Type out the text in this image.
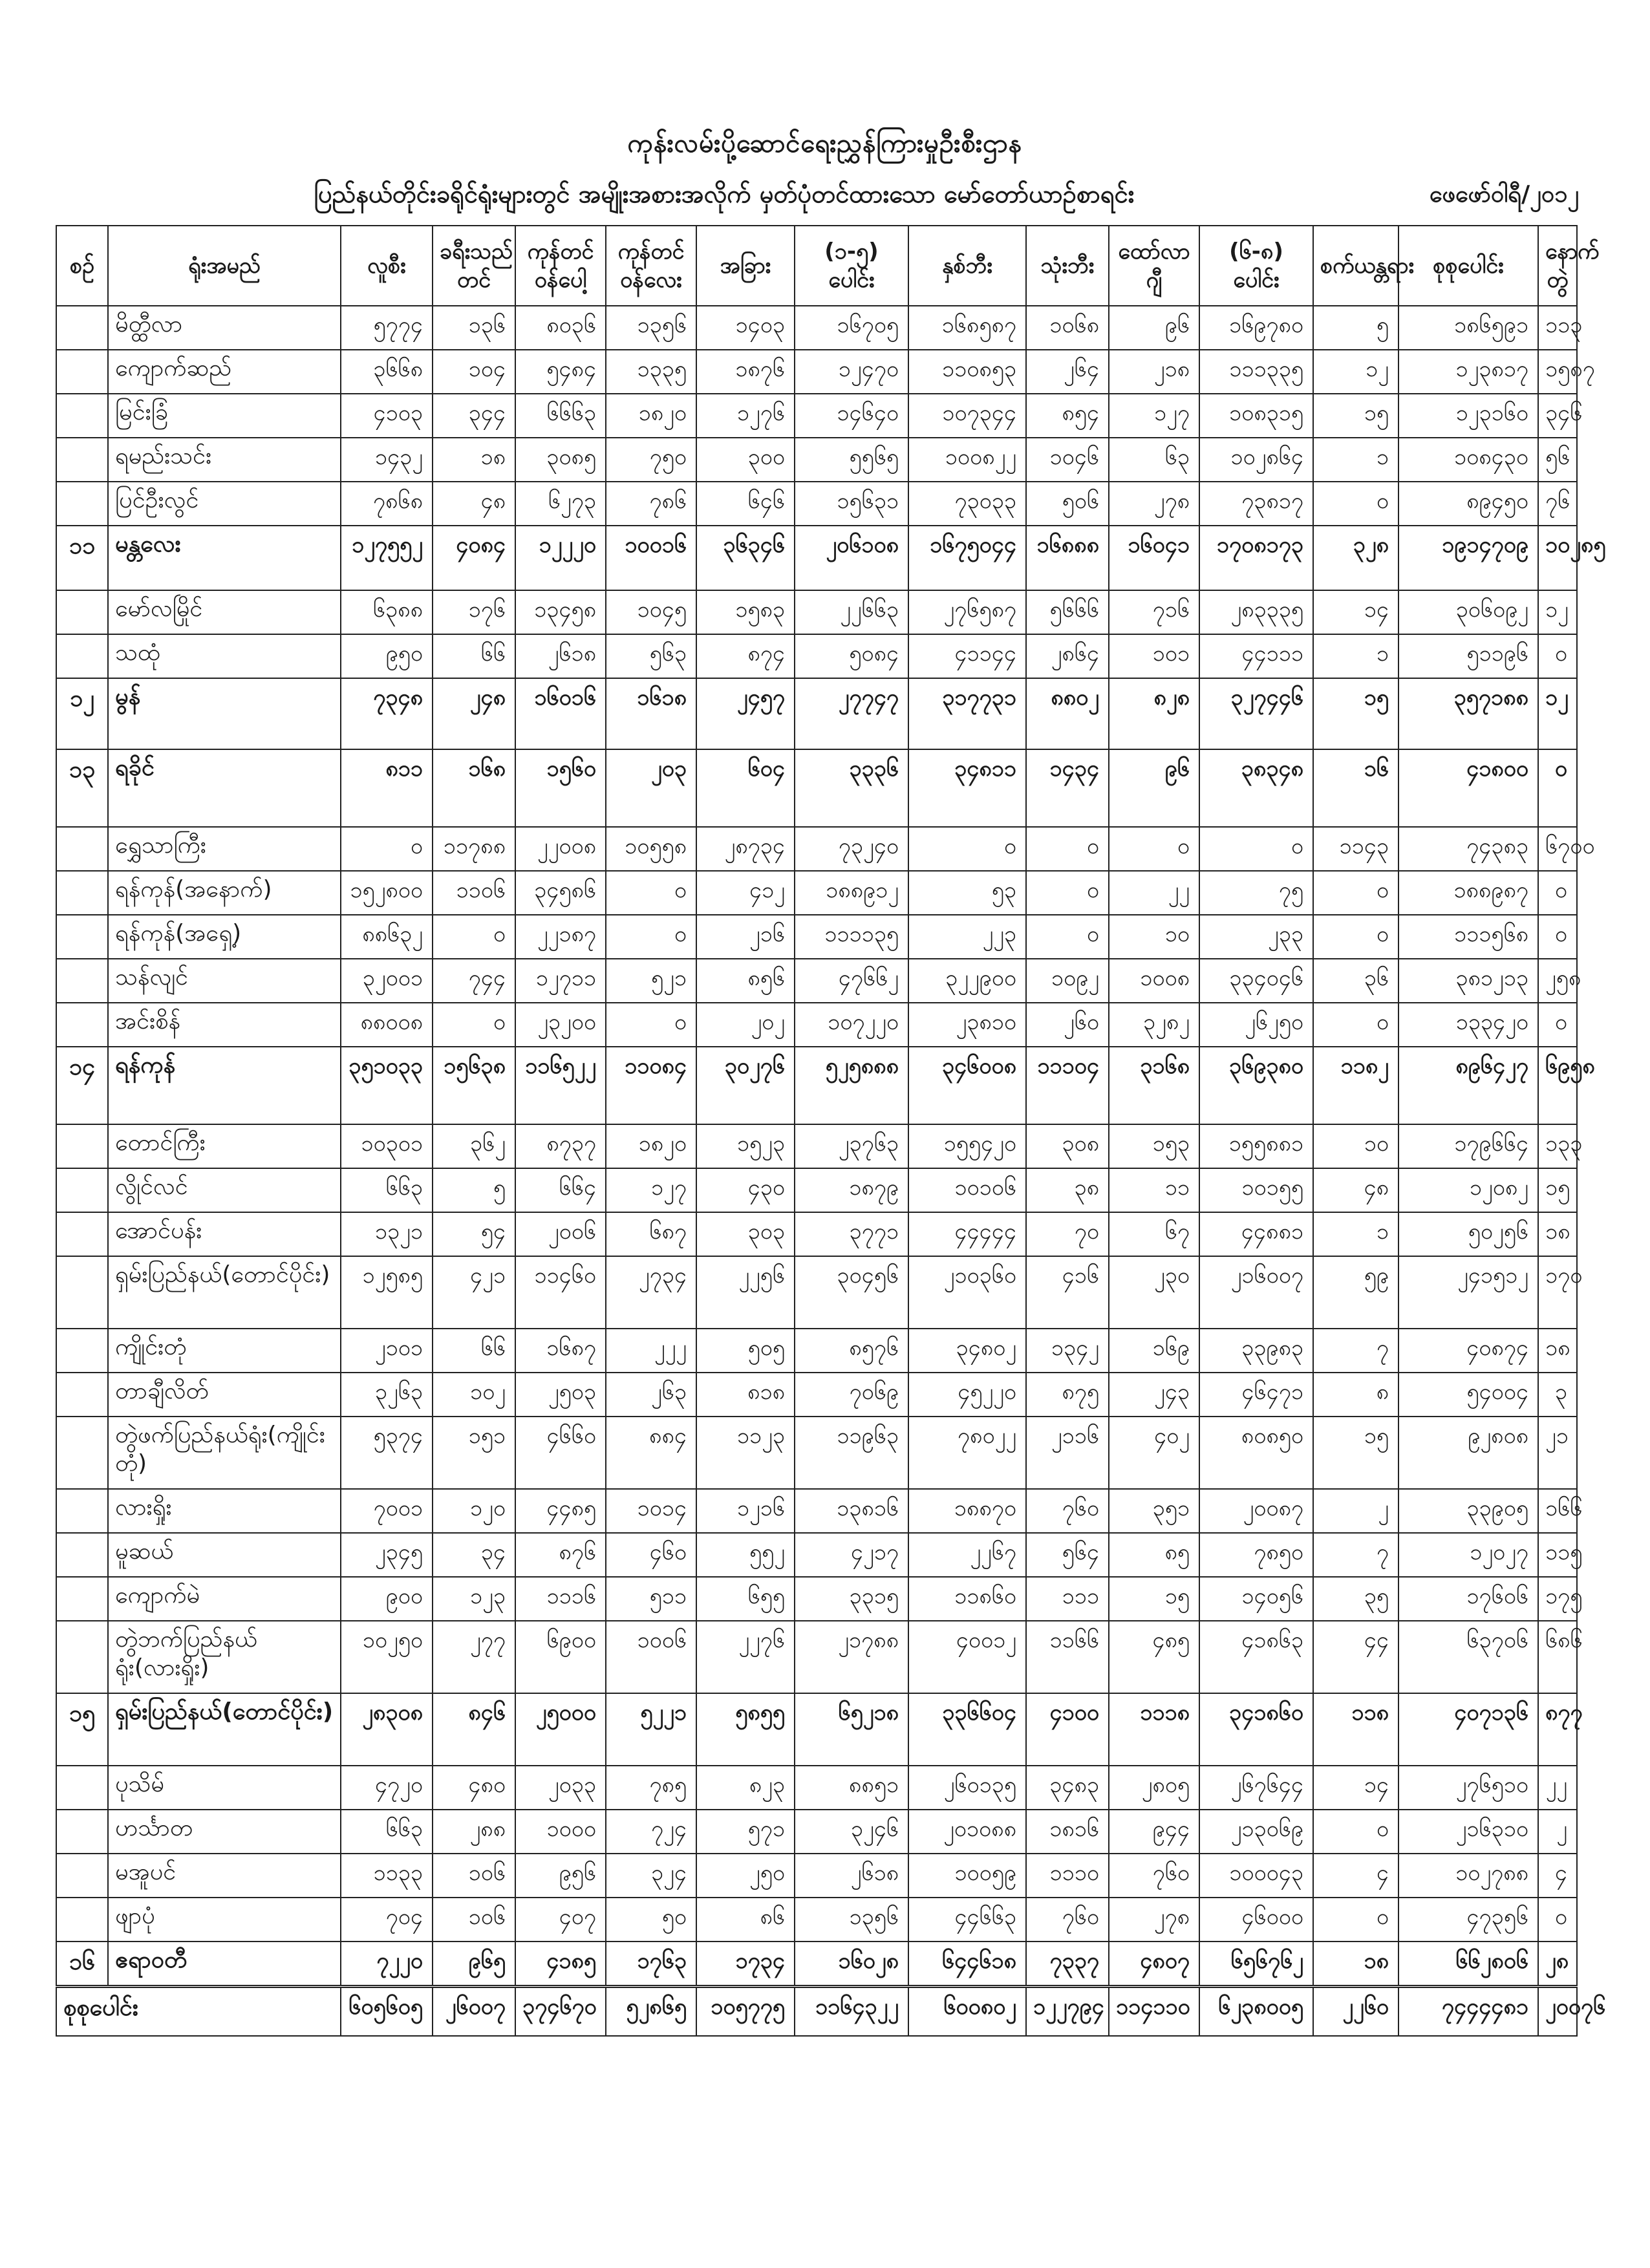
ကုန်းလမ်းပို့ဆောင်ရေးညွှန်ကြားမှုဦးစီးဌာန
ပြည်နယ်တိုင်းခရိုင်ရုံးများတွင် အမျိုးအစားအလိုက် မှတ်ပုံတင်ထားသော မော်တော်ယာဉ်စာရင်း	ဖေဖော်ဝါရီ/၂၀၁၂
စဉ်	ရုံးအမည်	လူစီး	ခရီးသည် တင်	ကုန်တင် ဝန်ပေါ့	ကုန်တင် ဝန်လေး	အခြား	(၁-၅) ပေါင်း	နှစ်ဘီး	သုံးဘီး	ထော်လာ ဂျီ	(၆-၈) ပေါင်း	စက်ယန္တရား	စုစုပေါင်း	နောက်တွဲ
	မိတ္ထီလာ	၅၇၇၄	၁၃၆	၈၀၃၆	၁၃၅၆	၁၄၀၃	၁၆၇၀၅	၁၆၈၅၈၇	၁၀၆၈	၉၆	၁၆၉၇၈၀	၅	၁၈၆၅၉၁	၁၁၃
	ကျောက်ဆည်	၃၆၆၈	၁၀၄	၅၄၈၄	၁၃၃၅	၁၈၇၆	၁၂၄၇၀	၁၁၀၈၅၃	၂၆၄	၂၁၈	၁၁၁၃၃၅	၁၂	၁၂၃၈၁၇	၁၅၈၇
	မြင်းခြံ	၄၁၀၃	၃၄၄	၆၆၆၃	၁၈၂၀	၁၂၇၆	၁၄၆၄၀	၁၀၇၃၄၄	၈၅၄	၁၂၇	၁၀၈၃၁၅	၁၅	၁၂၃၁၆၀	၃၄၆
	ရမည်းသင်း	၁၄၃၂	၁၈	၃၀၈၅	၇၅၀	၃၀၀	၅၅၆၅	၁၀၀၈၂၂	၁၀၄၆	၆၃	၁၀၂၈၆၄	၁	၁၀၈၄၃၀	၅၆
	ပြင်ဦးလွင်	၇၈၆၈	၄၈	၆၂၇၃	၇၈၆	၆၄၆	၁၅၆၃၁	၇၃၀၃၃	၅၀၆	၂၇၈	၇၃၈၁၇	၀	၈၉၄၅၀	၇၆
၁၁	မန္တလေး	၁၂၇၅၅၂	၄၀၈၄	၁၂၂၂၀	၁၀၀၁၆	၃၆၃၄၆	၂၀၆၁၀၈	၁၆၇၅၀၄၄	၁၆၈၈၈	၁၆၀၄၁	၁၇၀၈၁၇၃	၃၂၈	၁၉၁၄၇၀၉	၁၀၂၈၅
	မော်လမြိုင်	၆၃၈၈	၁၇၆	၁၃၄၅၈	၁၀၄၅	၁၅၈၃	၂၂၆၆၃	၂၇၆၅၈၇	၅၆၆၆	၇၁၆	၂၈၃၃၃၅	၁၄	၃၀၆၀၉၂	၁၂
	သထုံ	၉၅၀	၆၆	၂၆၁၈	၅၆၃	၈၇၄	၅၀၈၄	၄၁၁၄၄	၂၈၆၄	၁၀၁	၄၄၁၁၁	၁	၅၁၁၉၆	၀
၁၂	မွန်	၇၃၄၈	၂၄၈	၁၆၀၁၆	၁၆၁၈	၂၄၅၇	၂၇၇၄၇	၃၁၇၇၃၁	၈၈၀၂	၈၂၈	၃၂၇၄၄၆	၁၅	၃၅၇၁၈၈	၁၂
၁၃	ရခိုင်	၈၁၁	၁၆၈	၁၅၆၀	၂၀၃	၆၀၄	၃၃၃၆	၃၄၈၁၁	၁၄၃၄	၉၆	၃၈၃၄၈	၁၆	၄၁၈၀၀	၀
	ရွှေသာကြီး	၀	၁၁၇၈၈	၂၂၀၀၈	၁၀၅၅၈	၂၈၇၃၄	၇၃၂၄၀	၀	၀	၀	၀	၁၁၄၃	၇၄၃၈၃	၆၇၀၀
	ရန်ကုန်(အနောက်)	၁၅၂၈၀၀	၁၁၀၆	၃၄၅၈၆	၀	၄၁၂	၁၈၈၉၁၂	၅၃	၀	၂၂	၇၅	၀	၁၈၈၉၈၇	၀
	ရန်ကုန်(အရှေ့)	၈၈၆၃၂	၀	၂၂၁၈၇	၀	၂၁၆	၁၁၁၁၃၅	၂၂၃	၀	၁၀	၂၃၃	၀	၁၁၁၅၆၈	၀
	သန်လျင်	၃၂၀၀၁	၇၄၄	၁၂၇၁၁	၅၂၁	၈၅၆	၄၇၆၆၂	၃၂၂၉၀၀	၁၀၉၂	၁၀၀၈	၃၃၄၀၄၆	၃၆	၃၈၁၂၁၃	၂၅၈
	အင်းစိန်	၈၈၀၀၈	၀	၂၃၂၀၀	၀	၂၀၂	၁၀၇၂၂၀	၂၃၈၁၀	၂၆၀	၃၂၈၂	၂၆၂၅၀	၀	၁၃၃၄၂၀	၀
၁၄	ရန်ကုန်	၃၅၁၀၃၃	၁၅၆၃၈	၁၁၆၅၂၂	၁၁၀၈၄	၃၀၂၇၆	၅၂၅၈၈၈	၃၄၆၀၀၈	၁၁၁၀၄	၃၁၆၈	၃၆၉၃၈၀	၁၁၈၂	၈၉၆၄၂၇	၆၉၅၈
	တောင်ကြီး	၁၀၃၀၁	၃၆၂	၈၇၃၇	၁၈၂၀	၁၅၂၃	၂၃၇၆၃	၁၅၅၄၂၀	၃၀၈	၁၅၃	၁၅၅၈၈၁	၁၀	၁၇၉၆၆၄	၁၃၃
	လွိုင်လင်	၆၆၃	၅	၆၆၄	၁၂၇	၄၃၀	၁၈၇၉	၁၀၁၀၆	၃၈	၁၁	၁၀၁၅၅	၄၈	၁၂၀၈၂	၁၅
	အောင်ပန်း	၁၃၂၁	၅၄	၂၀၀၆	၆၈၇	၃၀၃	၃၇၇၁	၄၄၄၄၄	၇၀	၆၇	၄၄၈၈၁	၁	၅၀၂၅၆	၁၈
	ရှမ်းပြည်နယ်(တောင်ပိုင်း)	၁၂၅၈၅	၄၂၁	၁၁၄၆၀	၂၇၃၄	၂၂၅၆	၃၀၄၅၆	၂၁၀၃၆၀	၄၁၆	၂၃၀	၂၁၆၀၀၇	၅၉	၂၄၁၅၁၂	၁၇၀
	ကျိုင်းတုံ	၂၁၀၁	၆၆	၁၆၈၇	၂၂၂	၅၀၅	၈၅၇၆	၃၄၈၀၂	၁၃၄၂	၁၆၉	၃၃၉၈၃	၇	၄၀၈၇၄	၁၈
	တာချီလိတ်	၃၂၆၃	၁၀၂	၂၅၀၃	၂၆၃	၈၁၈	၇၀၆၉	၄၅၂၂၀	၈၇၅	၂၄၃	၄၆၄၇၁	၈	၅၄၀၀၄	၃
	တွဲဖက်ပြည်နယ်ရုံး(ကျိုင်းတုံ)	၅၃၇၄	၁၅၁	၄၆၆၀	၈၈၄	၁၁၂၃	၁၁၉၆၃	၇၈၀၂၂	၂၁၁၆	၄၀၂	၈၀၈၅၀	၁၅	၉၂၈၀၈	၂၁
	လားရှိုး	၇၀၀၁	၁၂၀	၄၄၈၅	၁၀၁၄	၁၂၁၆	၁၃၈၁၆	၁၈၈၇၀	၇၆၀	၃၅၁	၂၀၀၈၇	၂	၃၃၉၀၅	၁၆၆
	မူဆယ်	၂၃၄၅	၃၄	၈၇၆	၄၆၀	၅၅၂	၄၂၁၇	၂၂၆၇	၅၆၄	၈၅	၇၈၅၀	၇	၁၂၀၂၇	၁၁၅
	ကျောက်မဲ	၉၀၀	၁၂၃	၁၁၁၆	၅၁၁	၆၅၅	၃၃၁၅	၁၁၈၆၀	၁၁၁	၁၅	၁၄၀၅၆	၃၅	၁၇၆၀၆	၁၇၅
	တွဲဘက်ပြည်နယ်ရုံး(လားရှိုး)	၁၀၂၅၀	၂၇၇	၆၉၀၀	၁၀၀၆	၂၂၇၆	၂၁၇၈၈	၄၀၀၁၂	၁၁၆၆	၄၈၅	၄၁၈၆၃	၄၄	၆၃၇၀၆	၆၈၆
၁၅	ရှမ်းပြည်နယ်(တောင်ပိုင်း)	၂၈၃၀၈	၈၄၆	၂၅၀၀၀	၅၂၂၁	၅၈၅၅	၆၅၂၁၈	၃၃၆၆၀၄	၄၁၀၀	၁၁၁၈	၃၄၁၈၆၀	၁၁၈	၄၀၇၁၃၆	၈၇၇
	ပုသိမ်	၄၇၂၀	၄၈၀	၂၀၃၃	၇၈၅	၈၂၃	၈၈၅၁	၂၆၀၁၃၅	၃၄၈၃	၂၈၀၅	၂၆၇၆၄၄	၁၄	၂၇၆၅၁၀	၂၂
	ဟင်္သာတ	၆၆၃	၂၈၈	၁၀၀၀	၇၂၄	၅၇၁	၃၂၄၆	၂၀၁၀၈၈	၁၈၁၆	၉၄၄	၂၁၃၀၆၉	၀	၂၁၆၃၁၀	၂
	မအူပင်	၁၁၃၃	၁၀၆	၉၅၆	၃၂၄	၂၅၀	၂၆၁၈	၁၀၀၅၉	၁၁၁၀	၇၆၀	၁၀၀၀၄၃	၄	၁၀၂၇၈၈	၄
	ဖျာပုံ	၇၀၄	၁၀၆	၄၀၇	၅၀	၈၆	၁၃၅၆	၄၄၆၆၃	၇၆၀	၂၇၈	၄၆၀၀၀	၀	၄၇၃၅၆	၀
၁၆	ဧရာဝတီ	၇၂၂၀	၉၆၅	၄၁၈၅	၁၇၆၃	၁၇၃၄	၁၆၀၂၈	၆၄၄၆၁၈	၇၃၃၇	၄၈၀၇	၆၅၆၇၆၂	၁၈	၆၆၂၈၀၆	၂၈
စုစုပေါင်း		၆၀၅၆၀၅	၂၆၀၀၇	၃၇၄၆၇၀	၅၂၈၆၅	၁၀၅၇၇၅	၁၁၆၄၃၂၂	၆၀၀၈၀၂	၁၂၂၇၉၄	၁၁၄၁၁၀	၆၂၃၈၀၀၅	၂၂၆၀	၇၄၄၄၄၈၁	၂၀၀၇၆
